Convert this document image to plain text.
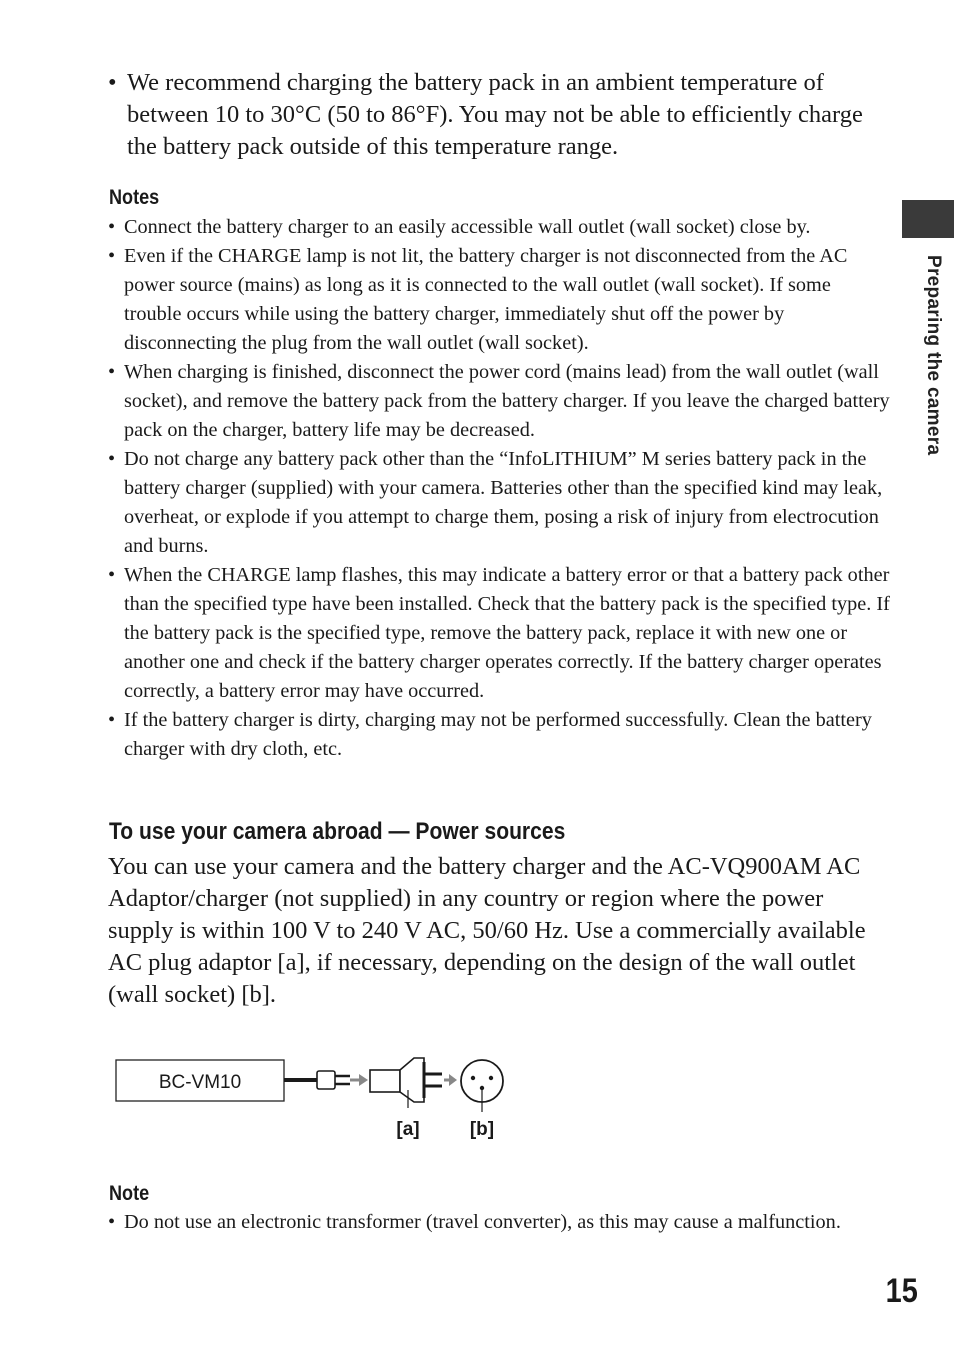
• We recommend charging the battery pack in an ambient temperature of between 10 to 30°C (50 to 86°F). You may not be able to efficiently charge the battery pack outside of this temperature range.
Notes
• Connect the battery charger to an easily accessible wall outlet (wall socket) close by.
• Even if the CHARGE lamp is not lit, the battery charger is not disconnected from the AC power source (mains) as long as it is connected to the wall outlet (wall socket). If some trouble occurs while using the battery charger, immediately shut off the power by disconnecting the plug from the wall outlet (wall socket).
• When charging is finished, disconnect the power cord (mains lead) from the wall outlet (wall socket), and remove the battery pack from the battery charger. If you leave the charged battery pack on the charger, battery life may be decreased.
• Do not charge any battery pack other than the “InfoLITHIUM” M series battery pack in the battery charger (supplied) with your camera. Batteries other than the specified kind may leak, overheat, or explode if you attempt to charge them, posing a risk of injury from electrocution and burns.
• When the CHARGE lamp flashes, this may indicate a battery error or that a battery pack other than the specified type have been installed. Check that the battery pack is the specified type. If the battery pack is the specified type, remove the battery pack, replace it with new one or another one and check if the battery charger operates correctly. If the battery charger operates correctly, a battery error may have occurred.
• If the battery charger is dirty, charging may not be performed successfully. Clean the battery charger with dry cloth, etc.
To use your camera abroad — Power sources

You can use your camera and the battery charger and the AC-VQ900AM AC Adaptor/charger (not supplied) in any country or region where the power supply is within 100 V to 240 V AC, 50/60 Hz. Use a commercially available AC plug adaptor [a], if necessary, depending on the design of the wall outlet (wall socket) [b].

BC-VM10
[a]	[b]
Note
• Do not use an electronic transformer (travel converter), as this may cause a malfunction.
Preparing the camera
15
